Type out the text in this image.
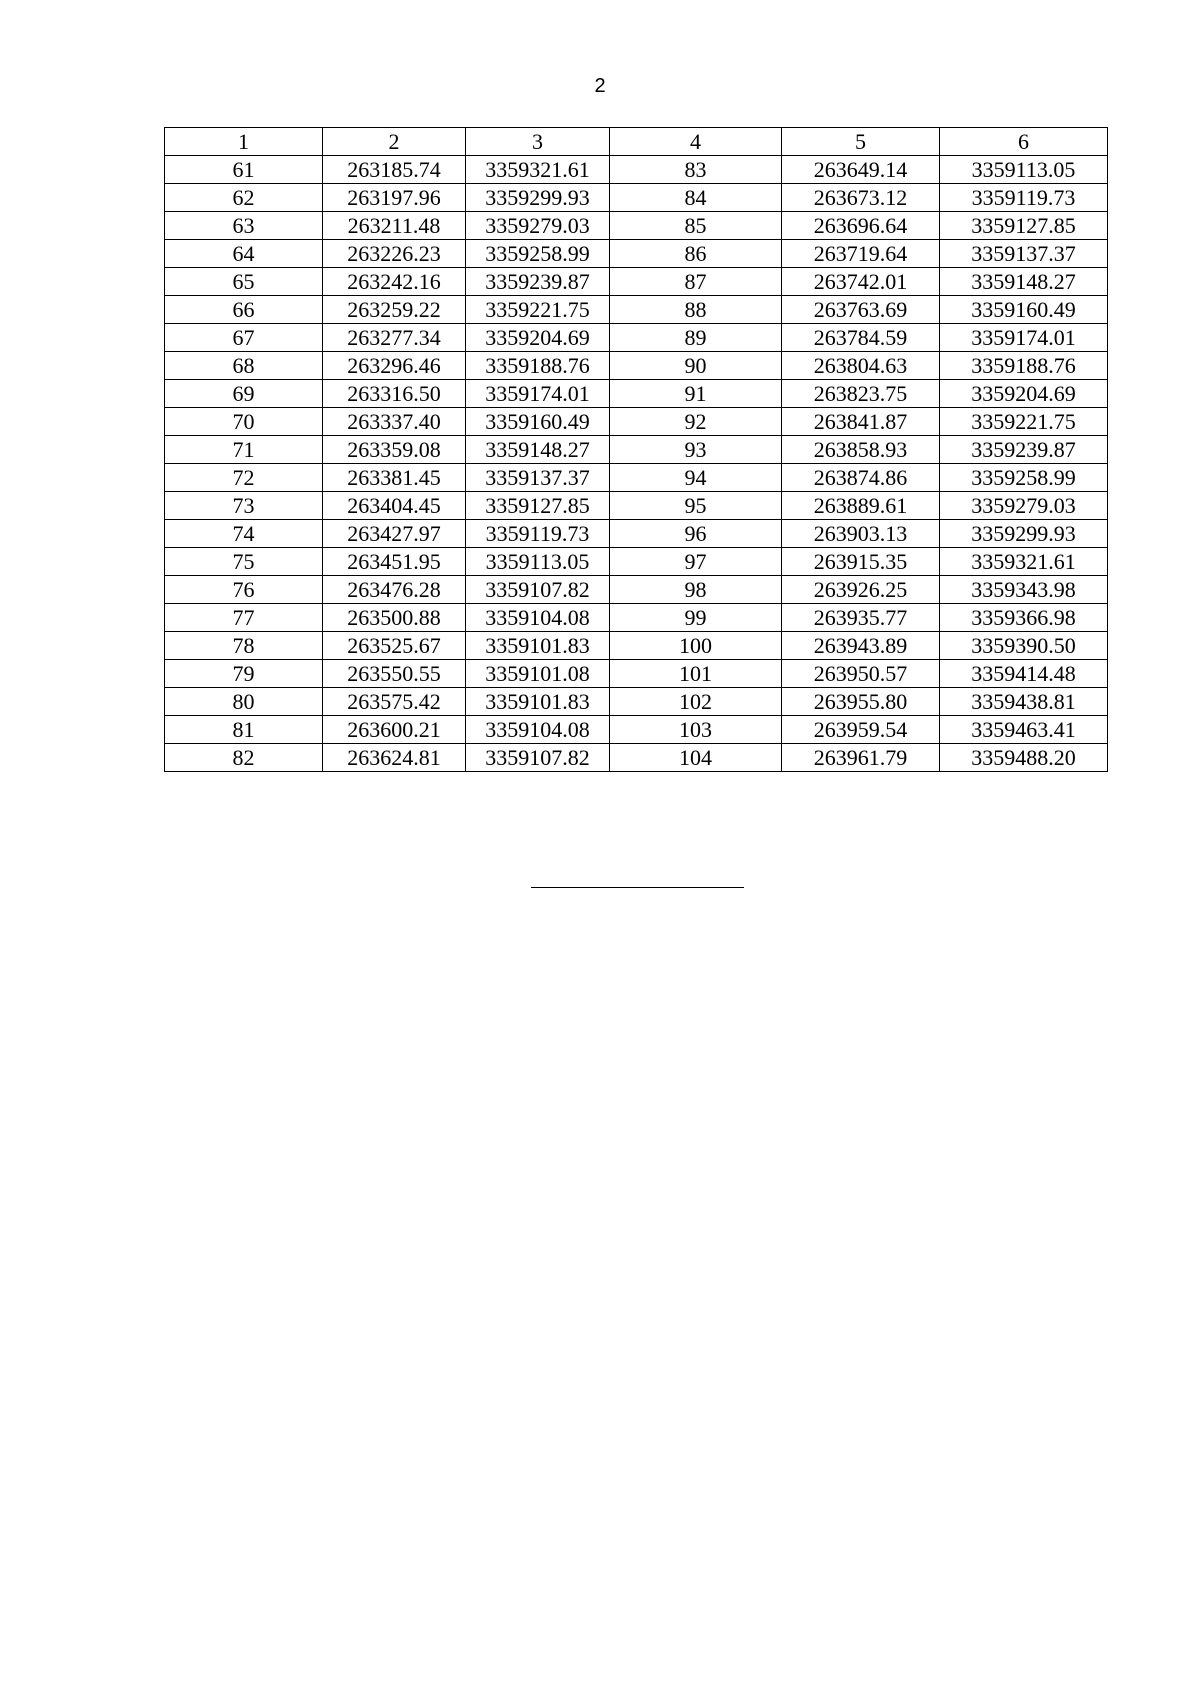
2
1	2	3	4	5	6
61	263185.74	3359321.61	83	263649.14	3359113.05
62	263197.96	3359299.93	84	263673.12	3359119.73
63	263211.48	3359279.03	85	263696.64	3359127.85
64	263226.23	3359258.99	86	263719.64	3359137.37
65	263242.16	3359239.87	87	263742.01	3359148.27
66	263259.22	3359221.75	88	263763.69	3359160.49
67	263277.34	3359204.69	89	263784.59	3359174.01
68	263296.46	3359188.76	90	263804.63	3359188.76
69	263316.50	3359174.01	91	263823.75	3359204.69
70	263337.40	3359160.49	92	263841.87	3359221.75
71	263359.08	3359148.27	93	263858.93	3359239.87
72	263381.45	3359137.37	94	263874.86	3359258.99
73	263404.45	3359127.85	95	263889.61	3359279.03
74	263427.97	3359119.73	96	263903.13	3359299.93
75	263451.95	3359113.05	97	263915.35	3359321.61
76	263476.28	3359107.82	98	263926.25	3359343.98
77	263500.88	3359104.08	99	263935.77	3359366.98
78	263525.67	3359101.83	100	263943.89	3359390.50
79	263550.55	3359101.08	101	263950.57	3359414.48
80	263575.42	3359101.83	102	263955.80	3359438.81
81	263600.21	3359104.08	103	263959.54	3359463.41
82	263624.81	3359107.82	104	263961.79	3359488.20
